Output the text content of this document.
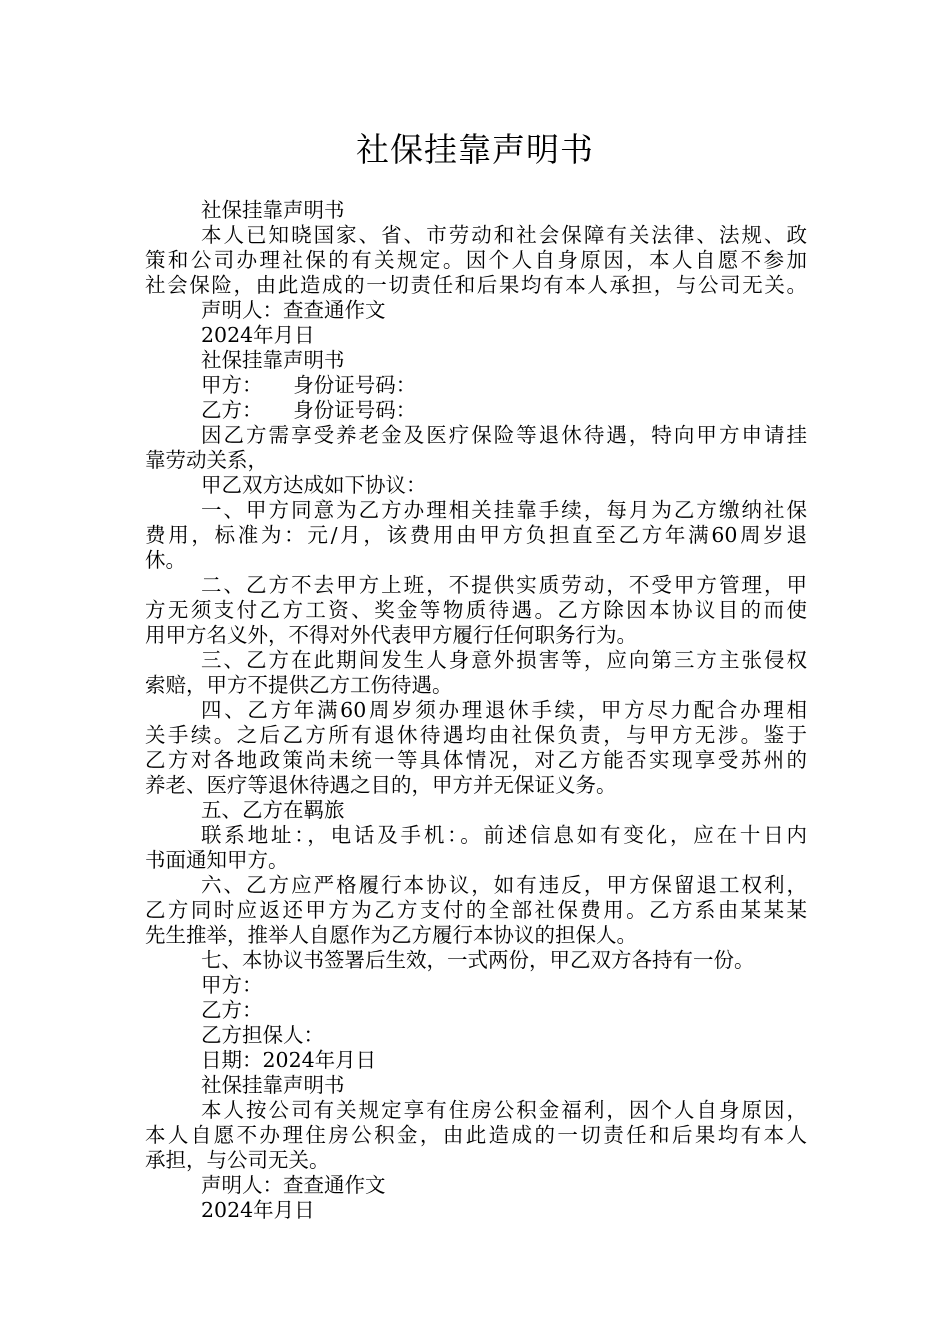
社保挂靠声明书

社保挂靠声明书

本人已知晓国家、省、市劳动和社会保障有关法律、法规、政

策和公司办理社保的有关规定。因个人自身原因，本人自愿不参加

社会保险，由此造成的一切责任和后果均有本人承担，与公司无关。

声明人：查查通作文

2024年月日

社保挂靠声明书

甲方：　　身份证号码：

乙方：　　身份证号码：

因乙方需享受养老金及医疗保险等退休待遇，特向甲方申请挂

靠劳动关系，

甲乙双方达成如下协议：

一、甲方同意为乙方办理相关挂靠手续，每月为乙方缴纳社保

费用，标准为：元/月，该费用由甲方负担直至乙方年满60周岁退

休。

二、乙方不去甲方上班，不提供实质劳动，不受甲方管理，甲

方无须支付乙方工资、奖金等物质待遇。乙方除因本协议目的而使

用甲方名义外，不得对外代表甲方履行任何职务行为。

三、乙方在此期间发生人身意外损害等，应向第三方主张侵权

索赔，甲方不提供乙方工伤待遇。

四、乙方年满60周岁须办理退休手续，甲方尽力配合办理相

关手续。之后乙方所有退休待遇均由社保负责，与甲方无涉。鉴于

乙方对各地政策尚未统一等具体情况，对乙方能否实现享受苏州的

养老、医疗等退休待遇之目的，甲方并无保证义务。

五、乙方在羁旅

联系地址：，电话及手机：。前述信息如有变化，应在十日内

书面通知甲方。

六、乙方应严格履行本协议，如有违反，甲方保留退工权利，

乙方同时应返还甲方为乙方支付的全部社保费用。乙方系由某某某

先生推举，推举人自愿作为乙方履行本协议的担保人。

七、本协议书签署后生效，一式两份，甲乙双方各持有一份。

甲方：

乙方：

乙方担保人：

日期：2024年月日

社保挂靠声明书

本人按公司有关规定享有住房公积金福利，因个人自身原因，

本人自愿不办理住房公积金，由此造成的一切责任和后果均有本人

承担，与公司无关。

声明人：查查通作文

2024年月日
